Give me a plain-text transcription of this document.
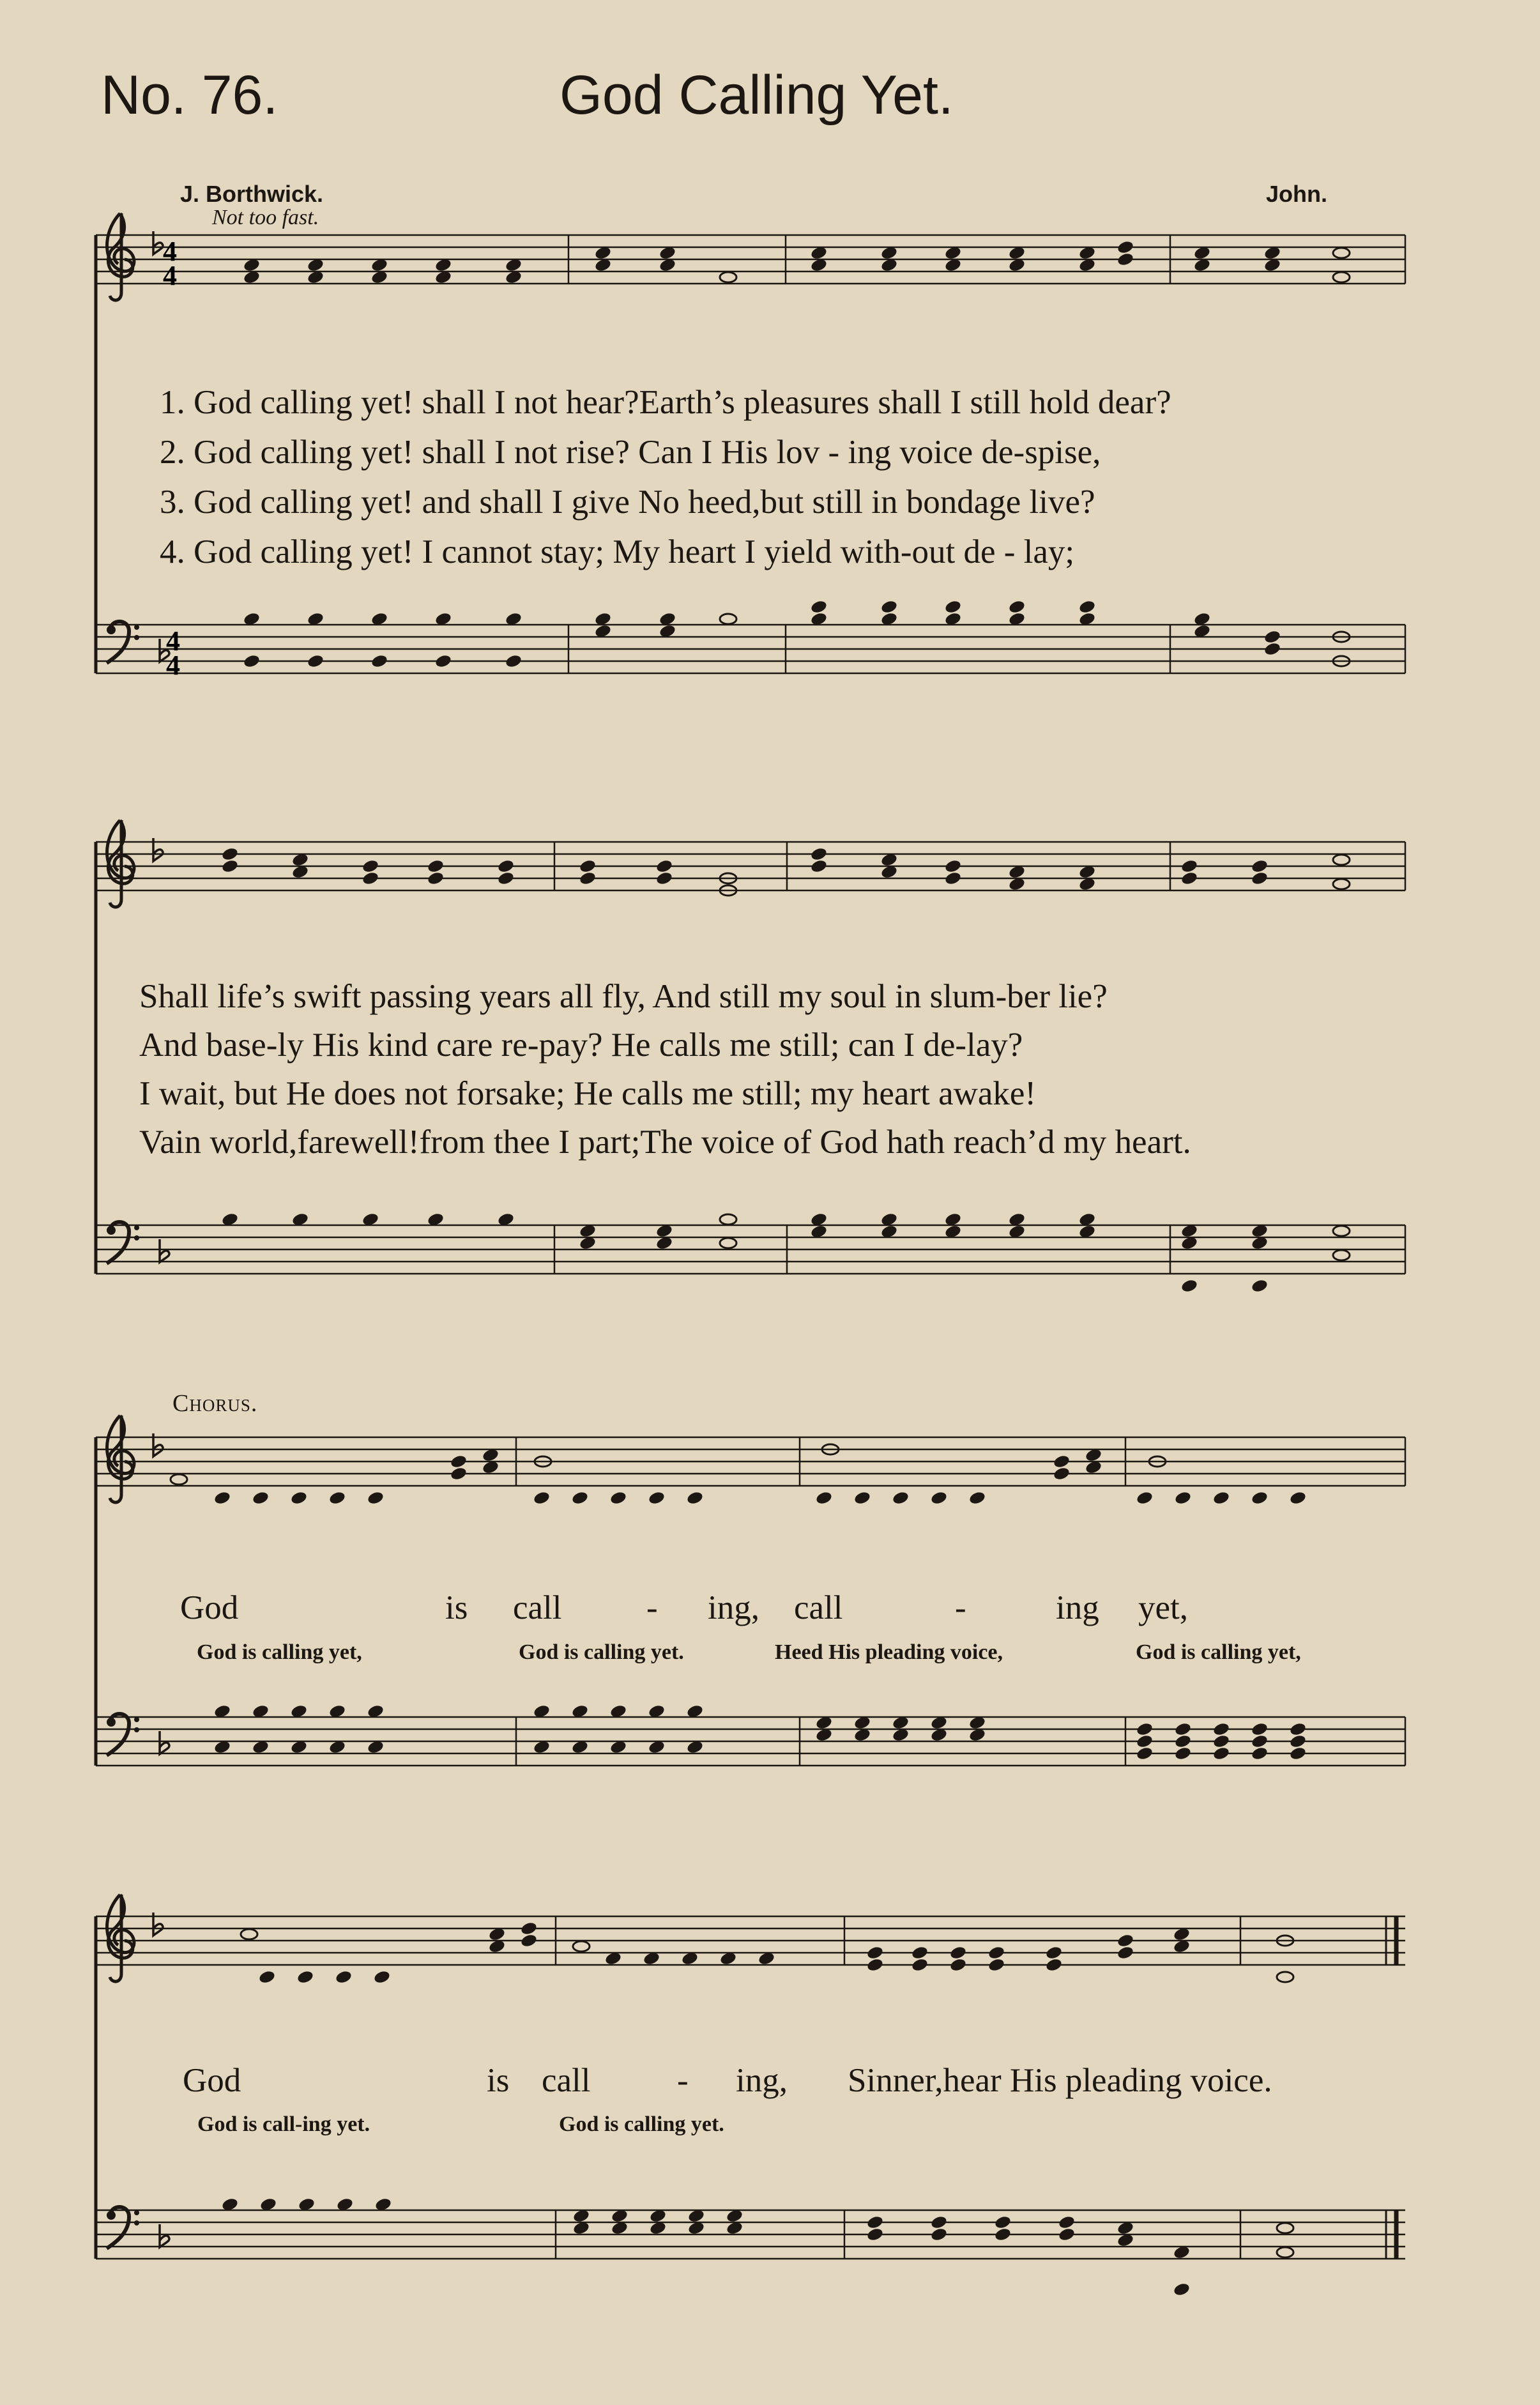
No. 76.	God Calling Yet.
J. Borthwick.	John.
Not too fast.
4
4
4
4
1. God calling yet! shall I not hear?Earth’s pleasures shall I still hold dear?
2. God calling yet! shall I not rise? Can I His lov - ing voice de-spise,
3. God calling yet! and shall I give No heed,but still in bondage live?
4. God calling yet! I cannot stay; My heart I yield with-out de - lay;
Shall life’s swift passing years all fly, And still my soul in slum-ber lie?
And base-ly His kind care re-pay? He calls me still; can I de-lay?
I wait, but He does not forsake; He calls me still; my heart awake!
Vain world,farewell!from thee I part;The voice of God hath reach’d my heart.
Chorus.
God	is call	- ing, call	-	ing yet,
God is calling yet,	God is calling yet.	Heed His pleading voice,	God is calling yet,
God	is call	- ing, Sinner,hear His pleading voice.
God is call-ing yet.	God is calling yet.
